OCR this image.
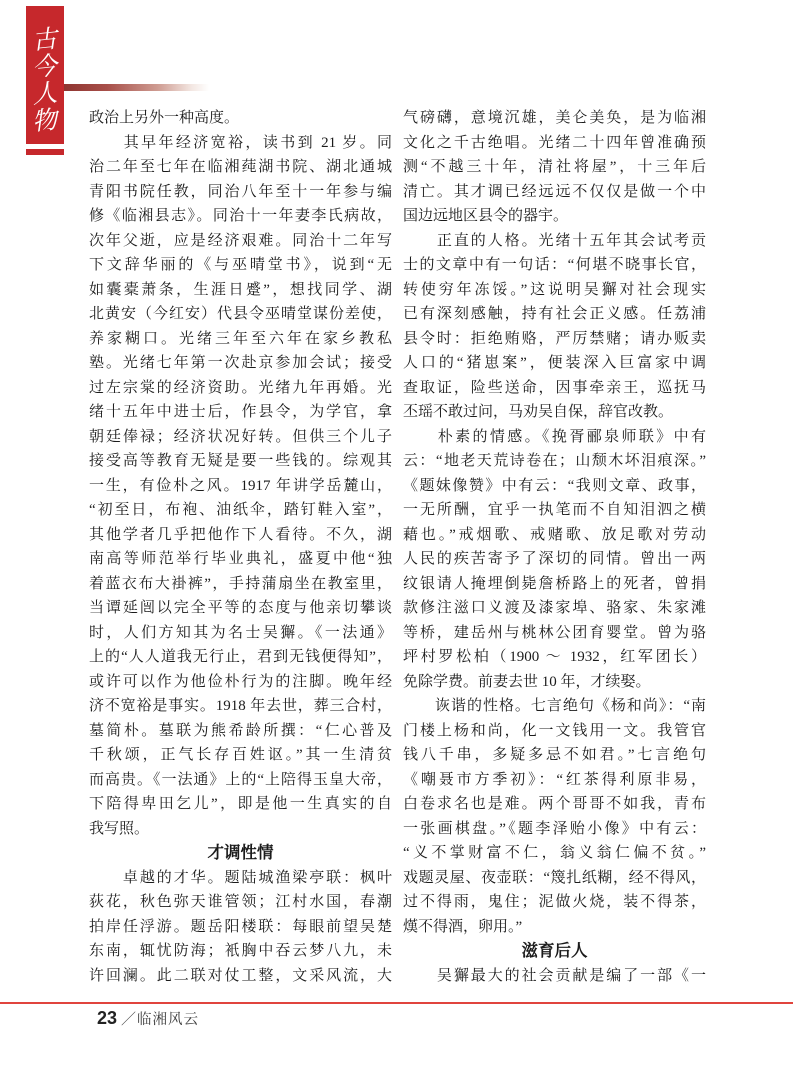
古
今
人
物 政治上另外一种高度。
　　其早年经济宽裕，读书到 21 岁。同
治二年至七年在临湘莼湖书院、湖北通城
青阳书院任教，同治八年至十一年参与编
修《临湘县志》。同治十一年妻李氏病故，
次年父逝，应是经济艰难。同治十二年写
下文辞华丽的《与巫晴堂书》，说到“无
如囊橐萧条，生涯日蹙”，想找同学、湖
北黄安（今红安）代县令巫晴堂谋份差使，
养家糊口。光绪三年至六年在家乡教私
塾。光绪七年第一次赴京参加会试；接受
过左宗棠的经济资助。光绪九年再婚。光
绪十五年中进士后，作县令，为学官，拿
朝廷俸禄；经济状况好转。但供三个儿子
接受高等教育无疑是要一些钱的。综观其
一生，有俭朴之风。1917 年讲学岳麓山，
“初至日，布袍、油纸伞，踏钉鞋入室”，
其他学者几乎把他作下人看待。不久，湖
南高等师范举行毕业典礼，盛夏中他“独
着蓝衣布大褂裤”，手持蒲扇坐在教室里，
当谭延闿以完全平等的态度与他亲切攀谈
时，人们方知其为名士吴獬。《一法通》
上的“人人道我无行止，君到无钱便得知”，
或许可以作为他俭朴行为的注脚。晚年经
济不宽裕是事实。1918 年去世，葬三合村，
墓简朴。墓联为熊希龄所撰：“仁心普及
千秋颂，正气长存百姓讴。”其一生清贫
而高贵。《一法通》上的“上陪得玉皇大帝，
下陪得卑田乞儿”，即是他一生真实的自
我写照。
才调性情
　　卓越的才华。题陆城渔梁亭联：枫叶
荻花，秋色弥天谁管领；江村水国，春潮
拍岸任浮游。题岳阳楼联：每眼前望吴楚
东南，辄忧防海；衹胸中吞云梦八九，未
许回澜。此二联对仗工整，文采风流，大
气磅礴，意境沉雄，美仑美奂，是为临湘
文化之千古绝唱。光绪二十四年曾准确预
测“不越三十年，清社将屋”，十三年后
清亡。其才调已经远远不仅仅是做一个中
国边远地区县令的器宇。
　　正直的人格。光绪十五年其会试考贡
士的文章中有一句话：“何堪不晓事长官，
转使穷年冻馁。”这说明吴獬对社会现实
已有深刻感触，持有社会正义感。任荔浦
县令时：拒绝贿赂，严厉禁赌；请办贩卖
人口的“猪崽案”，便装深入巨富家中调
查取证，险些送命，因事牵亲王，巡抚马
丕瑶不敢过问，马劝吴自保，辞官改教。
　　朴素的情感。《挽胥郦泉师联》中有
云：“地老天荒诗卷在；山颓木坏泪痕深。”
《题妹像赞》中有云：“我则文章、政事，
一无所酬，宜乎一执笔而不自知泪泗之横
藉也。”戒烟歌、戒赌歌、放足歌对劳动
人民的疾苦寄予了深切的同情。曾出一两
纹银请人掩埋倒毙詹桥路上的死者，曾捐
款修注滋口义渡及漆家埠、骆家、朱家滩
等桥，建岳州与桃林公团育婴堂。曾为骆
坪村罗松柏（1900 ～ 1932，红军团长）
免除学费。前妻去世 10 年，才续娶。
　　诙谐的性格。七言绝句《杨和尚》：“南
门楼上杨和尚，化一文钱用一文。我管官
钱八千串，多疑多忌不如君。”七言绝句
《嘲聂市方季初》：“红茶得利原非易，
白卷求名也是难。两个哥哥不如我，青布
一张画棋盘。”《题李泽贻小像》中有云：
“义不掌财富不仁，翁义翁仁偏不贫。”
戏题灵屋、夜壶联：“篾扎纸糊，经不得风，
过不得雨，鬼住；泥做火烧，装不得茶，
熯不得酒，卵用。”
滋育后人
　　吴獬最大的社会贡献是编了一部《一
23 ／ 临湘风云
